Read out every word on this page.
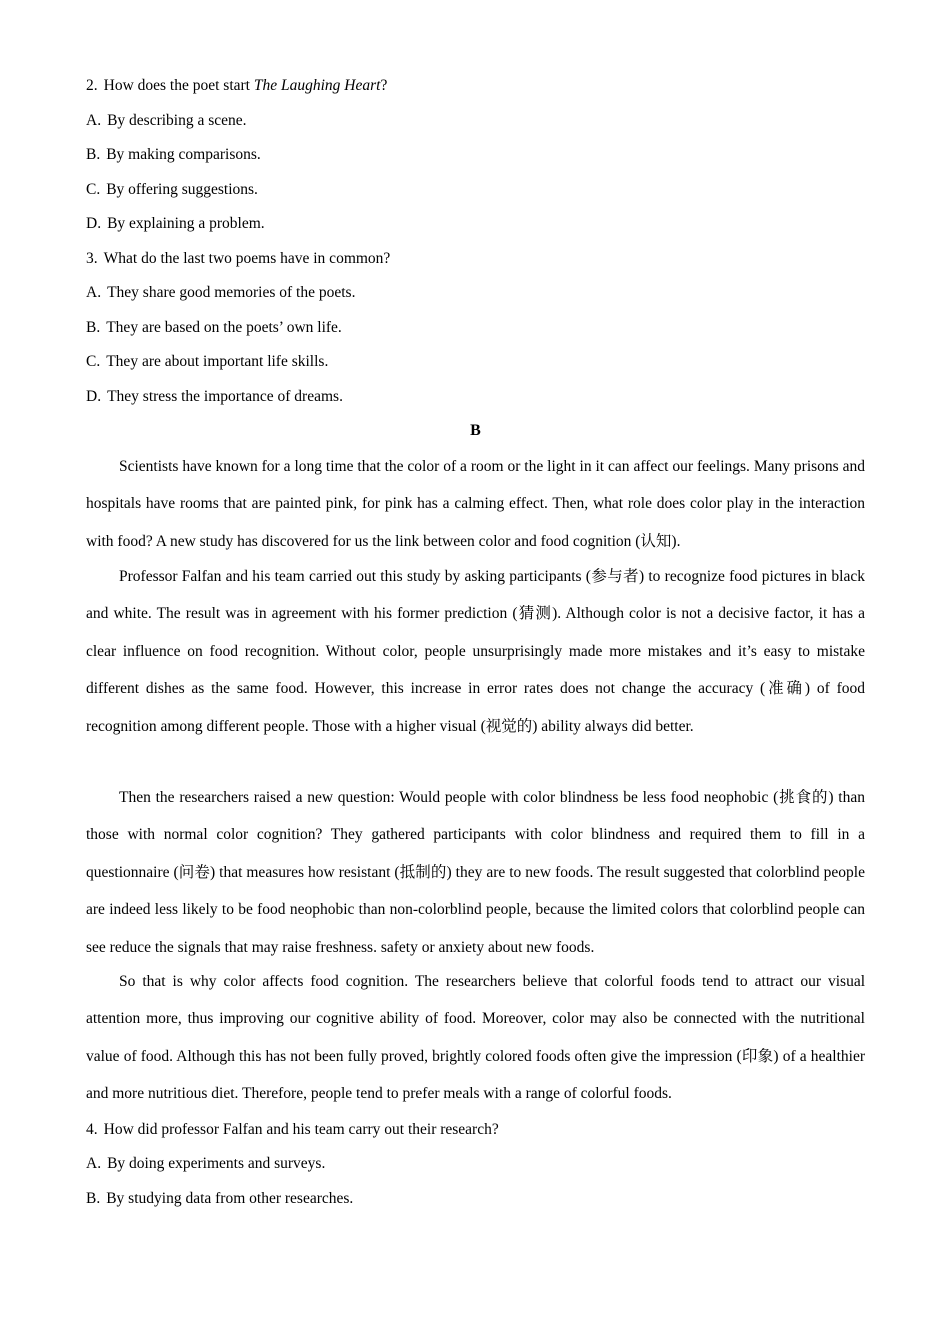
2. How does the poet start The Laughing Heart?
A. By describing a scene.
B. By making comparisons.
C. By offering suggestions.
D. By explaining a problem.
3. What do the last two poems have in common?
A. They share good memories of the poets.
B. They are based on the poets’ own life.
C. They are about important life skills.
D. They stress the importance of dreams.
B

Scientists have known for a long time that the color of a room or the light in it can affect our feelings. Many prisons and hospitals have rooms that are painted pink, for pink has a calming effect. Then, what role does color play in the interaction with food? A new study has discovered for us the link between color and food cognition (认知).

Professor Falfan and his team carried out this study by asking participants (参与者) to recognize food pictures in black and white. The result was in agreement with his former prediction (猜测). Although color is not a decisive factor, it has a clear influence on food recognition. Without color, people unsurprisingly made more mistakes and it’s easy to mistake different dishes as the same food. However, this increase in error rates does not change the accuracy (准确) of food recognition among different people. Those with a higher visual (视觉的) ability always did better.

Then the researchers raised a new question: Would people with color blindness be less food neophobic (挑食的) than those with normal color cognition? They gathered participants with color blindness and required them to fill in a questionnaire (问卷) that measures how resistant (抵制的) they are to new foods. The result suggested that colorblind people are indeed less likely to be food neophobic than non-colorblind people, because the limited colors that colorblind people can see reduce the signals that may raise freshness. safety or anxiety about new foods.

So that is why color affects food cognition. The researchers believe that colorful foods tend to attract our visual attention more, thus improving our cognitive ability of food. Moreover, color may also be connected with the nutritional value of food. Although this has not been fully proved, brightly colored foods often give the impression (印象) of a healthier and more nutritious diet. Therefore, people tend to prefer meals with a range of colorful foods.

4. How did professor Falfan and his team carry out their research?
A. By doing experiments and surveys.
B. By studying data from other researches.
